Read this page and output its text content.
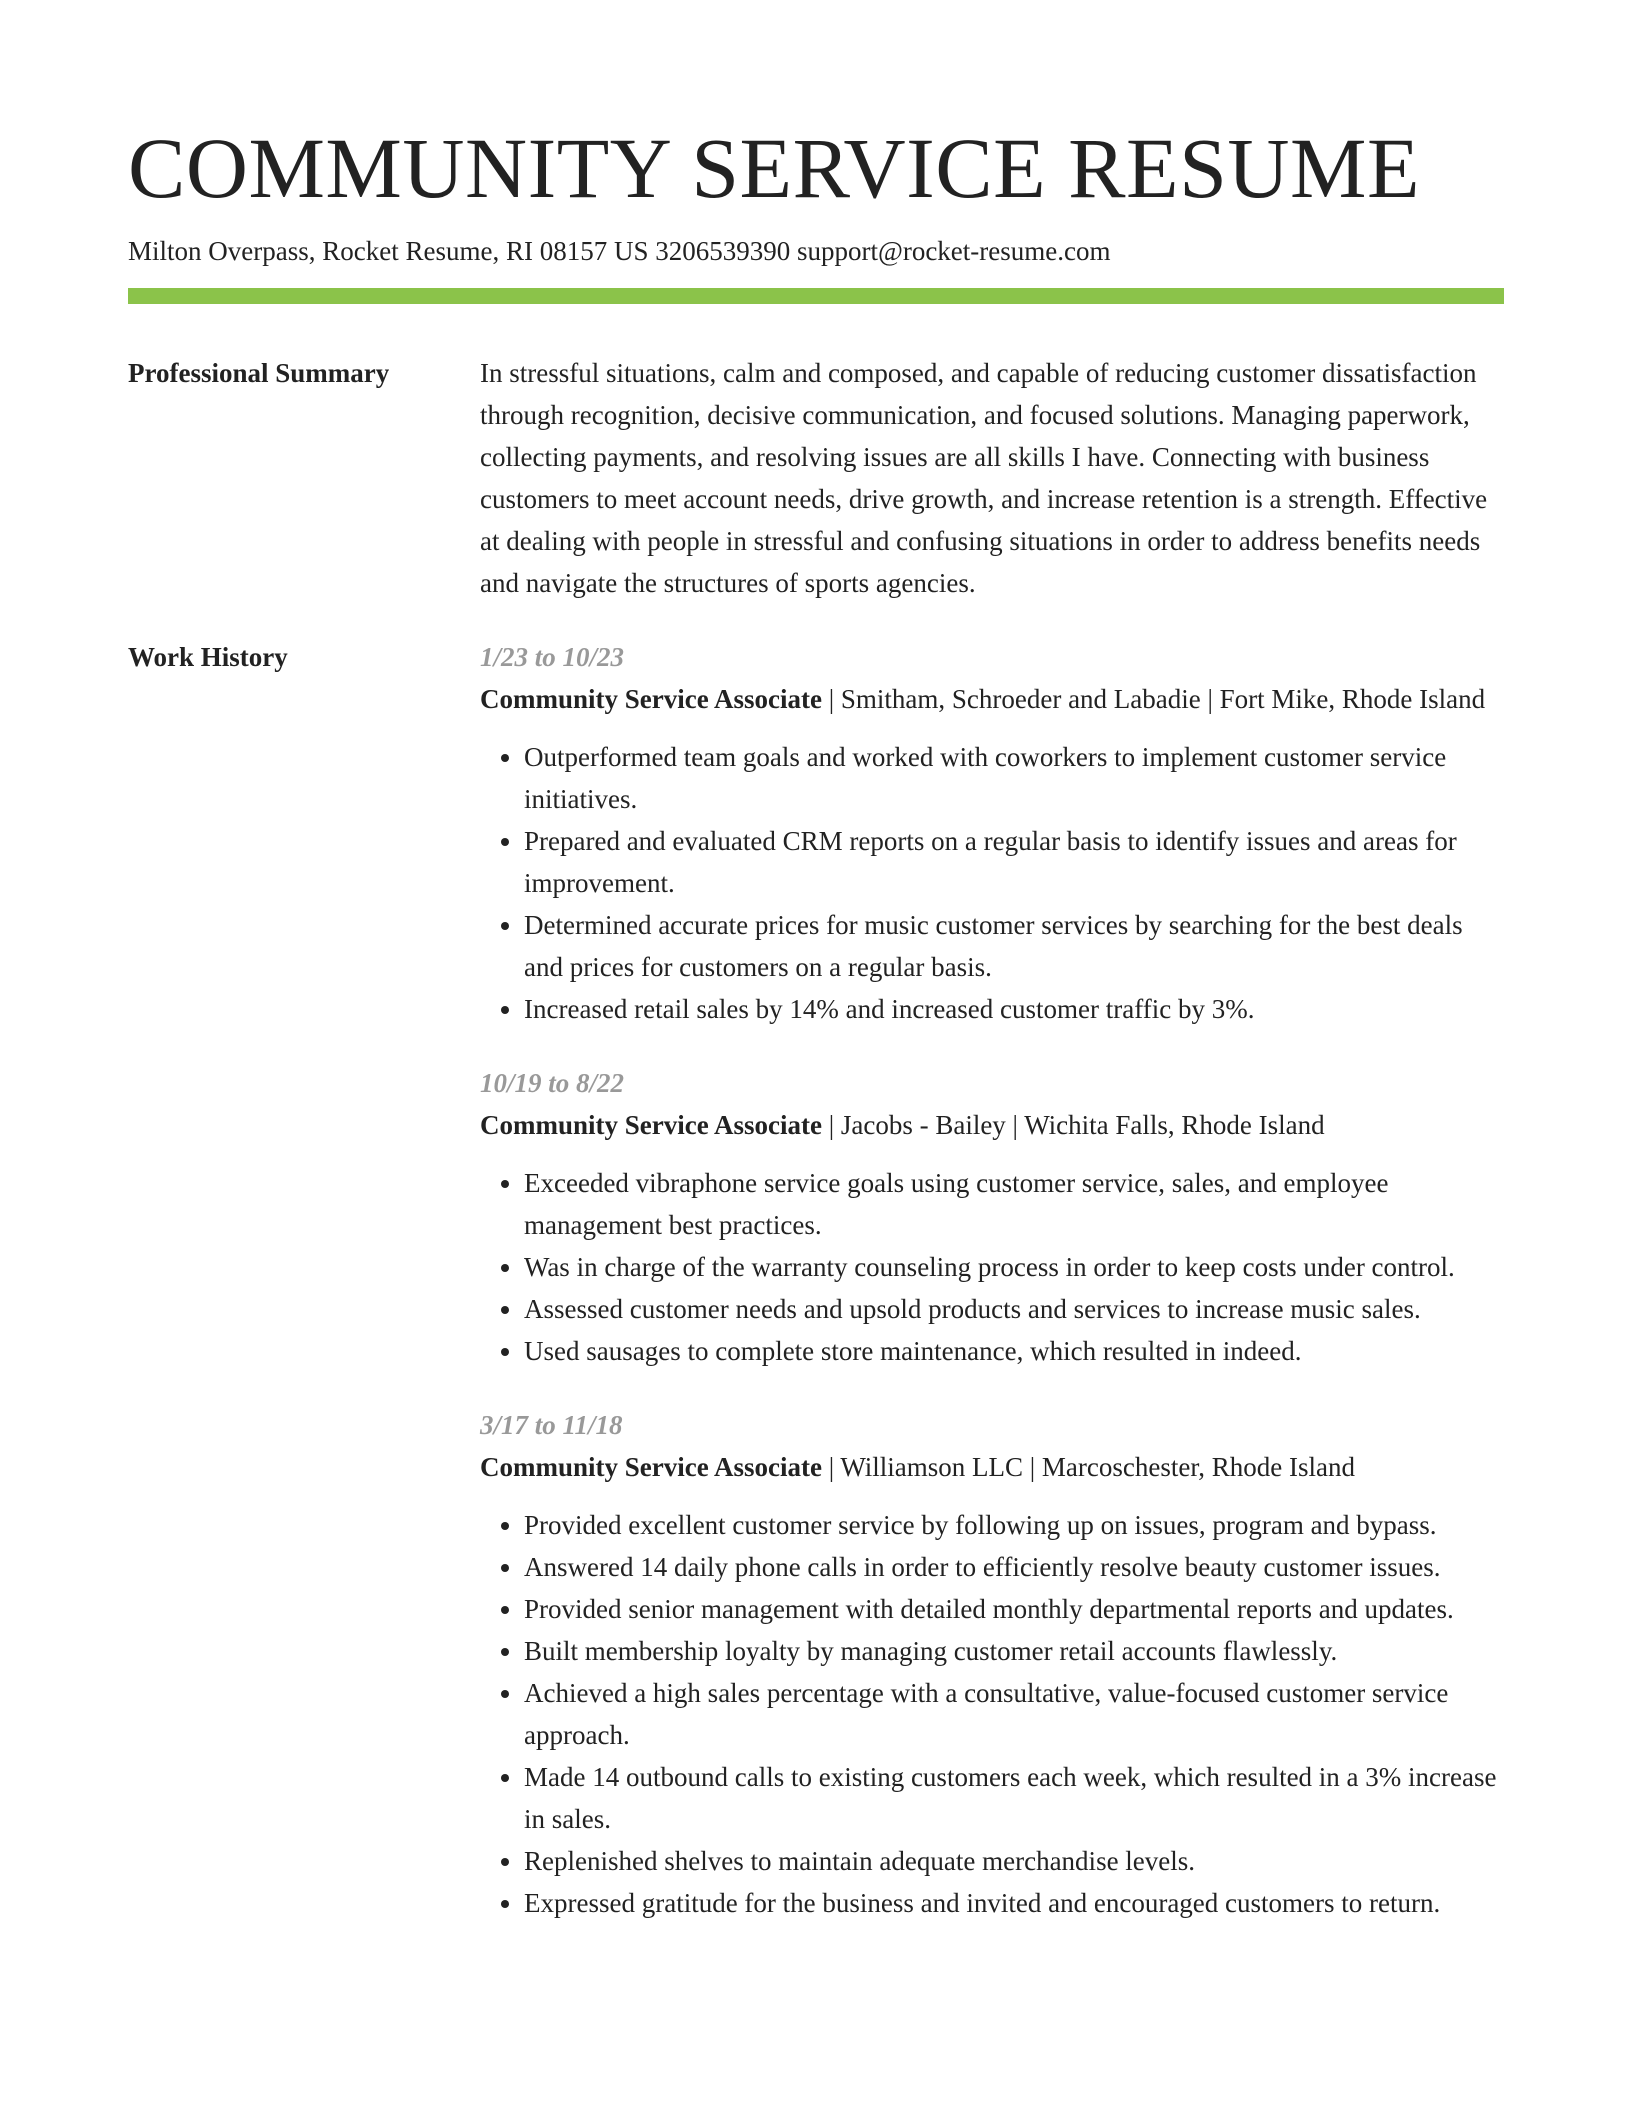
COMMUNITY SERVICE RESUME
Milton Overpass, Rocket Resume, RI 08157 US 3206539390 support@rocket-resume.com
Professional Summary	In stressful situations, calm and composed, and capable of reducing customer dissatisfaction through recognition, decisive communication, and focused solutions. Managing paperwork, collecting payments, and resolving issues are all skills I have. Connecting with business customers to meet account needs, drive growth, and increase retention is a strength. Effective at dealing with people in stressful and confusing situations in order to address benefits needs and navigate the structures of sports agencies.

Work History	1/23 to 10/23

Community Service Associate | Smitham, Schroeder and Labadie | Fort Mike, Rhode Island

• Outperformed team goals and worked with coworkers to implement customer service initiatives.
• Prepared and evaluated CRM reports on a regular basis to identify issues and areas for improvement.
• Determined accurate prices for music customer services by searching for the best deals and prices for customers on a regular basis.
• Increased retail sales by 14% and increased customer traffic by 3%.
10/19 to 8/22

Community Service Associate | Jacobs - Bailey | Wichita Falls, Rhode Island

• Exceeded vibraphone service goals using customer service, sales, and employee management best practices.
• Was in charge of the warranty counseling process in order to keep costs under control.
• Assessed customer needs and upsold products and services to increase music sales.
• Used sausages to complete store maintenance, which resulted in indeed.
3/17 to 11/18

Community Service Associate | Williamson LLC | Marcoschester, Rhode Island

• Provided excellent customer service by following up on issues, program and bypass.
• Answered 14 daily phone calls in order to efficiently resolve beauty customer issues.
• Provided senior management with detailed monthly departmental reports and updates.
• Built membership loyalty by managing customer retail accounts flawlessly.
• Achieved a high sales percentage with a consultative, value-focused customer service approach.
• Made 14 outbound calls to existing customers each week, which resulted in a 3% increase in sales.
• Replenished shelves to maintain adequate merchandise levels.
• Expressed gratitude for the business and invited and encouraged customers to return.
